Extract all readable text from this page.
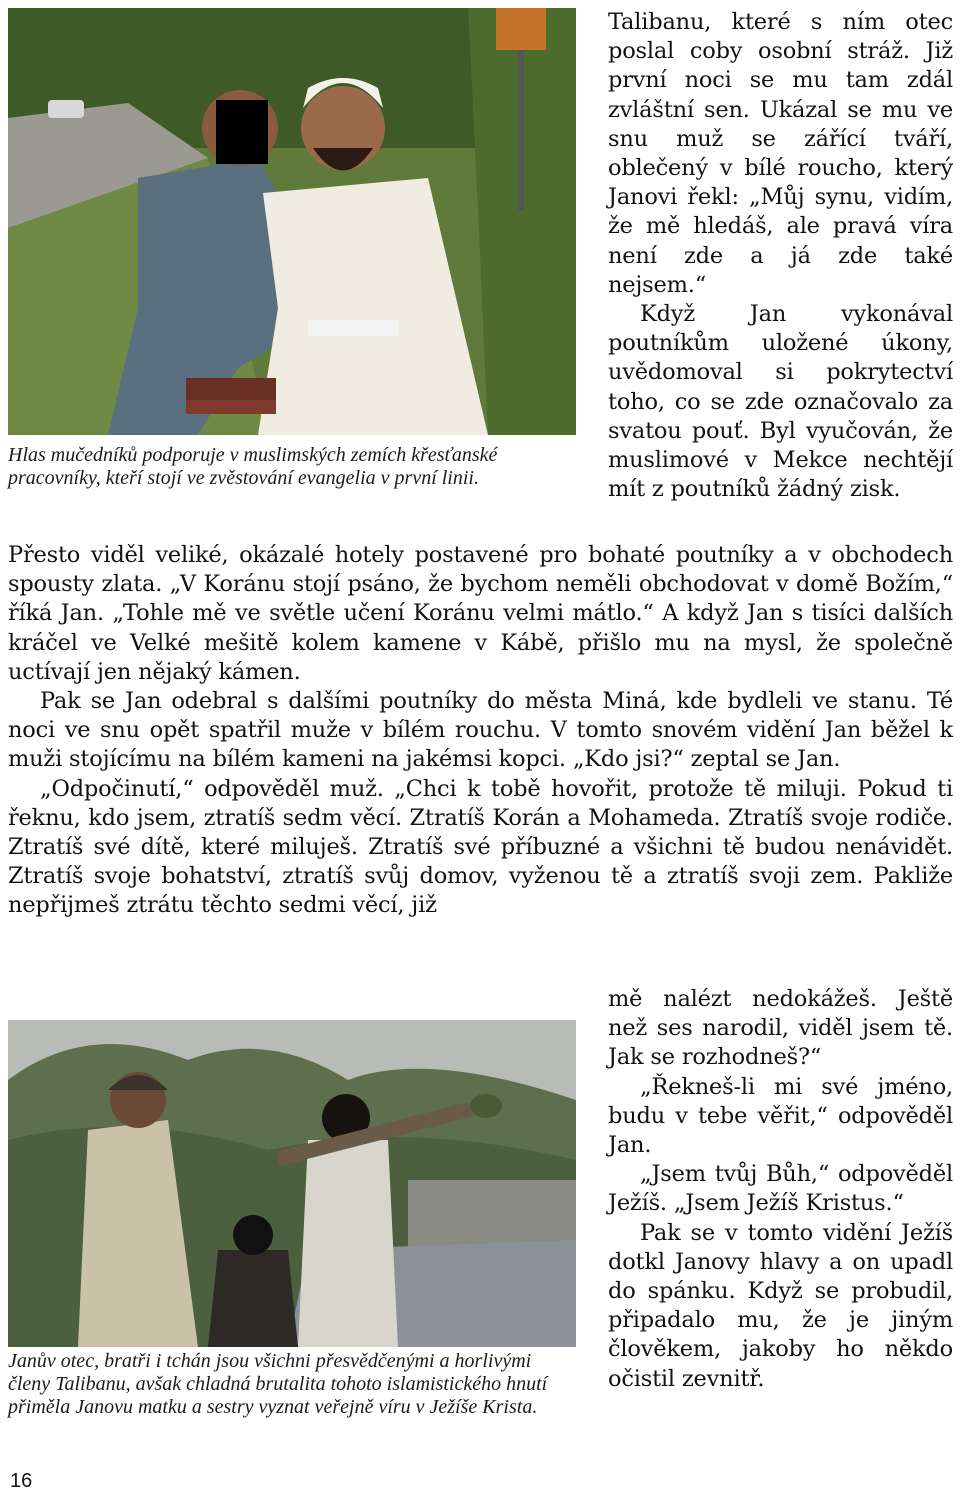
Hlas mučedníků podporuje v muslimských zemích křesťanské pracovníky, kteří stojí ve zvěstování evangelia v první linii.

Talibanu, které s ním otec poslal coby osobní stráž. Již první noci se mu tam zdál zvláštní sen. Ukázal se mu ve snu muž se zářící tváří, oblečený v bílé roucho, který Janovi řekl: „Můj synu, vidím, že mě hledáš, ale pravá víra není zde a já zde také nejsem.“

Když Jan vykonával poutníkům uložené úkony, uvědomoval si pokrytectví toho, co se zde označovalo za svatou pouť. Byl vyučován, že muslimové v Mekce nechtějí mít z poutníků žádný zisk.

Přesto viděl veliké, okázalé hotely postavené pro bohaté poutníky a v obchodech spousty zlata. „V Koránu stojí psáno, že bychom neměli obchodovat v domě Božím,“ říká Jan. „Tohle mě ve světle učení Koránu velmi mátlo.“ A když Jan s tisíci dalších kráčel ve Velké mešitě kolem kamene v Kábě, přišlo mu na mysl, že společně uctívají jen nějaký kámen.

Pak se Jan odebral s dalšími poutníky do města Miná, kde bydleli ve stanu. Té noci ve snu opět spatřil muže v bílém rouchu. V tomto snovém vidění Jan běžel k muži stojícímu na bílém kameni na jakémsi kopci. „Kdo jsi?“ zeptal se Jan.

„Odpočinutí,“ odpověděl muž. „Chci k tobě hovořit, protože tě miluji. Pokud ti řeknu, kdo jsem, ztratíš sedm věcí. Ztratíš Korán a Mohameda. Ztratíš svoje rodiče. Ztratíš své dítě, které miluješ. Ztratíš své příbuzné a všichni tě budou nenávidět. Ztratíš svoje bohatství, ztratíš svůj domov, vyženou tě a ztratíš svoji zem. Pakliže nepřijmeš ztrátu těchto sedmi věcí, již

Janův otec, bratři i tchán jsou všichni přesvědčenými a horlivými členy Talibanu, avšak chladná brutalita tohoto islamistického hnutí přiměla Janovu matku a sestry vyznat veřejně víru v Ježíše Krista.

mě nalézt nedokážeš. Ještě než ses narodil, viděl jsem tě. Jak se rozhodneš?“

„Řekneš-li mi své jméno, budu v tebe věřit,“ odpověděl Jan.

„Jsem tvůj Bůh,“ odpověděl Ježíš. „Jsem Ježíš Kristus.“

Pak se v tomto vidění Ježíš dotkl Janovy hlavy a on upadl do spánku. Když se probudil, připadalo mu, že je jiným člověkem, jakoby ho někdo očistil zevnitř.

16
